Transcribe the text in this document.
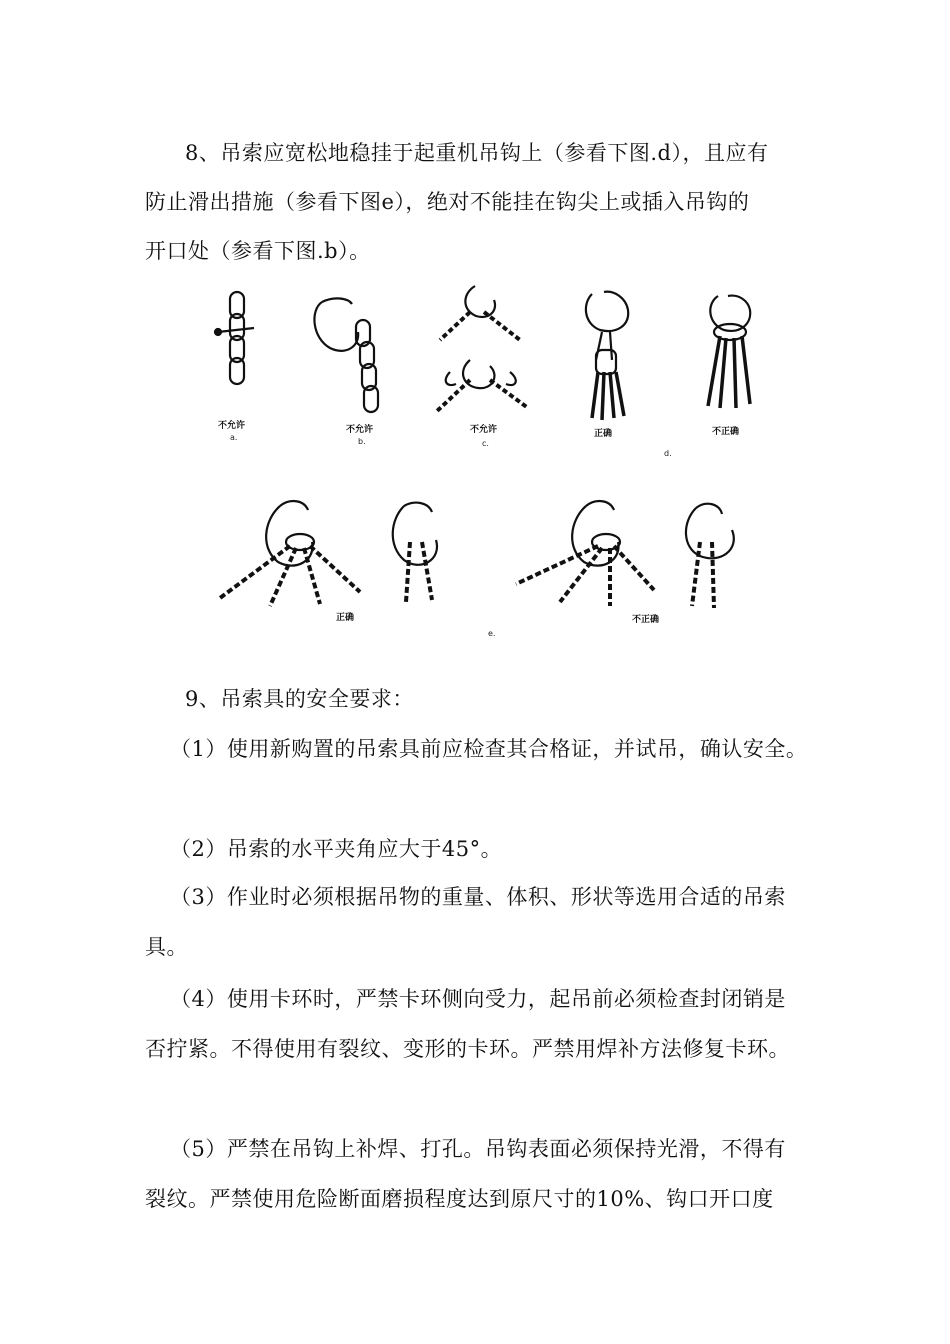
8、吊索应宽松地稳挂于起重机吊钩上（参看下图.d），且应有
防止滑出措施（参看下图e），绝对不能挂在钩尖上或插入吊钩的
开口处（参看下图.b）。
不允许
a.
不允许
b.
不允许
c.
正确	不正确
d.
正确	不正确
e.
9、吊索具的安全要求：
（1）使用新购置的吊索具前应检查其合格证，并试吊，确认安全。
（2）吊索的水平夹角应大于45°。
（3）作业时必须根据吊物的重量、体积、形状等选用合适的吊索
具。
（4）使用卡环时，严禁卡环侧向受力，起吊前必须检查封闭销是
否拧紧。不得使用有裂纹、变形的卡环。严禁用焊补方法修复卡环。
（5）严禁在吊钩上补焊、打孔。吊钩表面必须保持光滑，不得有
裂纹。严禁使用危险断面磨损程度达到原尺寸的10%、钩口开口度
